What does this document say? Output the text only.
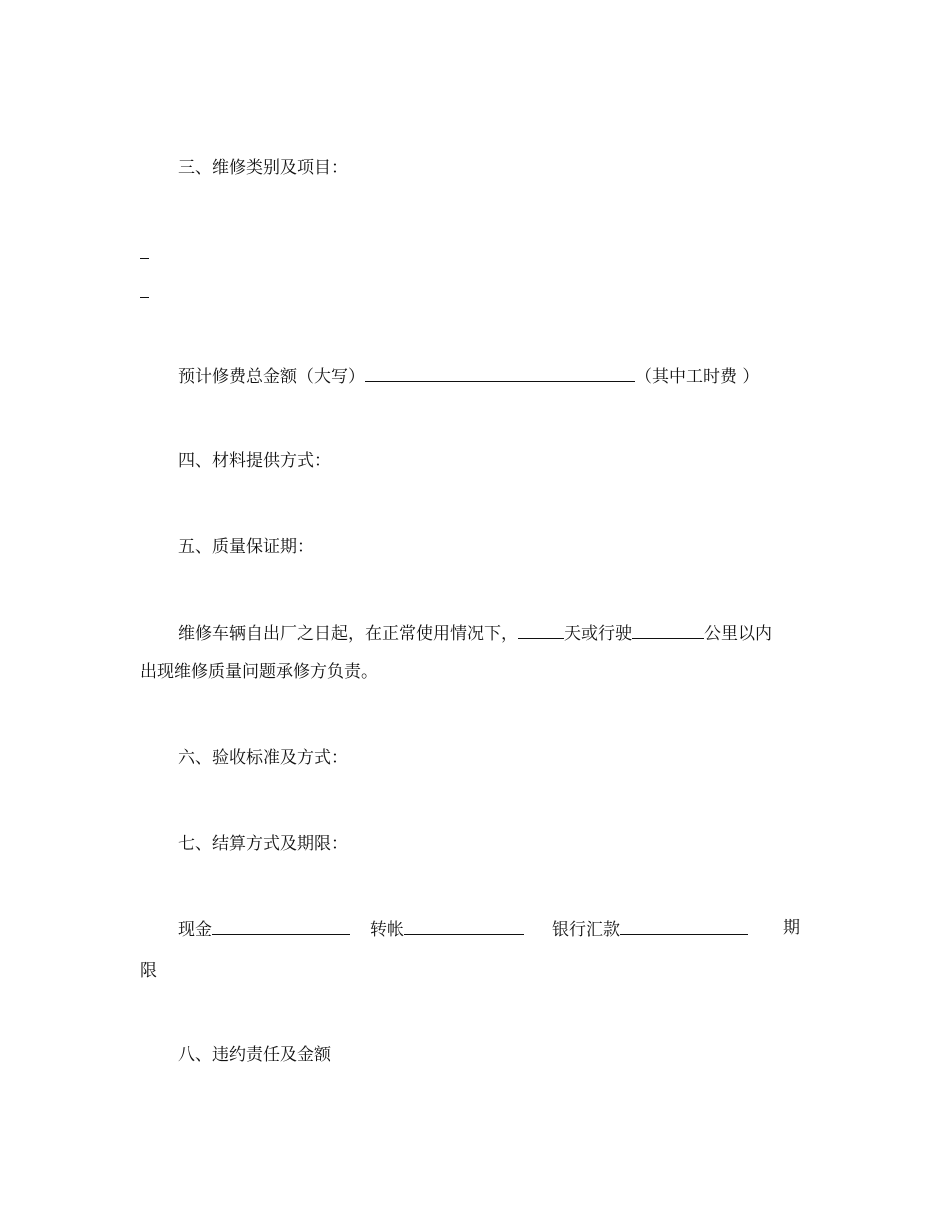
三、维修类别及项目：
预计修费总金额（大写）	（其中工时费 ）
四、材料提供方式：
五、质量保证期：
维修车辆自出厂之日起，在正常使用情况下，	天或行驶	公里以内
出现维修质量问题承修方负责。
六、验收标准及方式：
七、结算方式及期限：
现金	转帐	银行汇款	期
限
八、违约责任及金额
